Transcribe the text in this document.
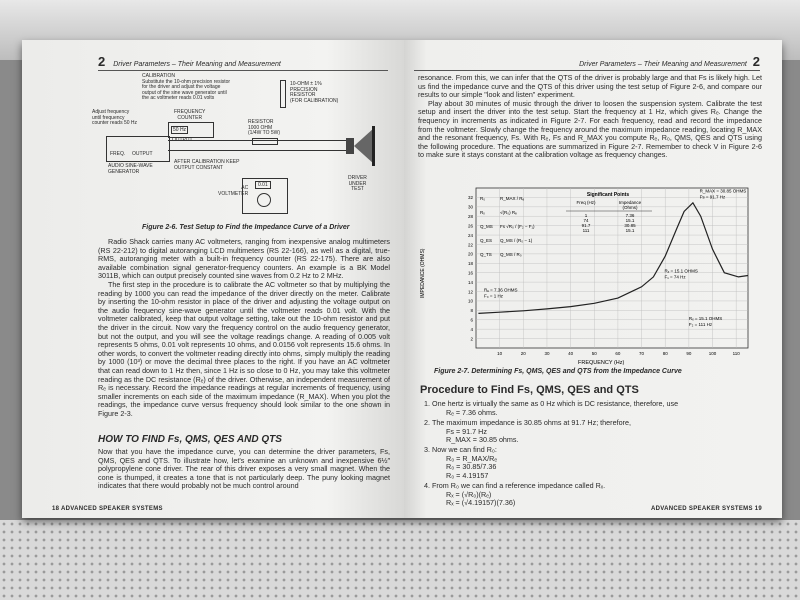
2 Driver Parameters – Their Meaning and Measurement
CALIBRATION
Substitute the 10-ohm precision resistor
for the driver and adjust the voltage
output of the sine wave generator until
the ac voltmeter reads 0.01 volts
10-OHM ± 1%
PRECISION
RESISTOR
(FOR CALIBRATION)
Adjust frequency
until frequency
counter reads 50 Hz
FREQUENCY
COUNTER
50 Hz
FREQ. OUTPUT
AUDIO SINE-WAVE
GENERATOR
AFTER CALIBRATION KEEP
OUTPUT CONSTANT
RESISTOR
1000 OHM
(1/4W TO 5W)
0.01
AC
VOLTMETER
DRIVER
UNDER
TEST
Figure 2-6. Test Setup to Find the Impedance Curve of a Driver

Radio Shack carries many AC voltmeters, ranging from inexpensive analog multimeters (RS 22-212) to digital autoranging LCD multimeters (RS 22-166), as well as a digital, true-RMS, autoranging meter with a built-in frequency counter (RS 22-175). There are also available combination signal generator-frequency counters. An example is a BK Model 3011B, which can output precisely counted sine waves from 0.2 Hz to 2 MHz.

The first step in the procedure is to calibrate the AC voltmeter so that by multiplying the reading by 1000 you can read the impedance of the driver directly on the meter. Calibrate by inserting the 10-ohm resistor in place of the driver and adjusting the voltage output on the audio frequency sine-wave generator until the voltmeter reads 0.01 volt. With the voltmeter calibrated, keep that output voltage setting, take out the 10-ohm resistor and put the driver in the circuit. Now vary the frequency control on the audio frequency generator, but not the output, and you will see the voltage readings change. A reading of 0.005 volt represents 5 ohms, 0.01 volt represents 10 ohms, and 0.0156 volt represents 15.6 ohms. In other words, to convert the voltmeter reading directly into ohms, simply multiply the reading by 1000 (10³) or move the decimal three places to the right. If you have an AC voltmeter that can read down to 1 Hz then, since 1 Hz is so close to 0 Hz, you may take this voltmeter reading as the DC resistance (Rₑ) of the driver. Otherwise, an independent measurement of Rₑ is necessary. Record the impedance readings at regular increments of frequency, using smaller increments on each side of the maximum impedance (R_MAX). When you plot the readings, the impedance curve versus frequency should look similar to the one shown in Figure 2-3.

HOW TO FIND Fs, QMS, QES AND QTS

Now that you have the impedance curve, you can determine the driver parameters, Fs, QMS, QES and QTS. To illustrate how, let's examine an unknown and inexpensive 6½″ polypropylene cone driver. The rear of this driver exposes a very small magnet. When the cone is thumped, it creates a tone that is not particularly deep. The puny looking magnet indicates that there would probably not be much control around

18 ADVANCED SPEAKER SYSTEMS
Driver Parameters – Their Meaning and Measurement 2

resonance. From this, we can infer that the QTS of the driver is probably large and that Fs is likely high. Let us find the impedance curve and the QTS of this driver using the test setup of Figure 2-6, and compare our results to our simple "look and listen" experiment.

Play about 30 minutes of music through the driver to loosen the suspension system. Calibrate the test setup and insert the driver into the test setup. Start the frequency at 1 Hz, which gives Rₑ. Change the frequency in increments as indicated in Figure 2-7. For each frequency, read and record the impedance from the voltmeter. Slowly change the frequency around the maximum impedance reading, locating R_MAX and the resonant frequency, Fs. With Rₑ, Fs and R_MAX you compute Rₑ, R₀, QMS, QES and QTS using the following procedure. The equations are summarized in Figure 2-7. Remember to check V in Figure 2-6 to make sure it stays constant at the calibration voltage as frequency changes.

2
4
6
8
10
12
14
16
18
20
22
24
26
28
30
32
10	20	30	40	50	60	70	80	90	100	110
IMPEDANCE (OHMS)
FREQUENCY (Hz)
R₀	R_MAX / Rₑ
Rₓ	√(R₀) Rₑ
Q_MS Fs √R₀ / (F₂ − F₁)
Q_ES Q_MS / (R₀ − 1)
Q_TS Q_MS / R₀
R_MAX = 30.85 OHMS
Fs = 91.7 Hz
Rₓ = 15.1 OHMS
F₁ = 74 Hz
Rₓ = 15.1 OHMS
F₂ = 111 Hz
Rₑ = 7.36 OHMS
F₀ = 1 Hz
Significant Points
Freq (Hz)	Impedance
(Ohms)
1	7.36
74	15.1
91.7	30.85
111	15.1
Figure 2-7. Determining Fs, QMS, QES and QTS from the Impedance Curve
Procedure to Find Fs, QMS, QES and QTS
1. One hertz is virtually the same as 0 Hz which is DC resistance, therefore, use
Rₑ = 7.36 ohms.
2. The maximum impedance is 30.85 ohms at 91.7 Hz; therefore,
Fs = 91.7 Hz
R_MAX = 30.85 ohms.
3. Now we can find R₀:
R₀ = R_MAX/Rₑ
R₀ = 30.85/7.36
R₀ = 4.19157
4. From R₀ we can find a reference impedance called Rₓ.
Rₓ = (√R₀)(Rₑ)
Rₓ = (√4.19157)(7.36)
ADVANCED SPEAKER SYSTEMS 19
